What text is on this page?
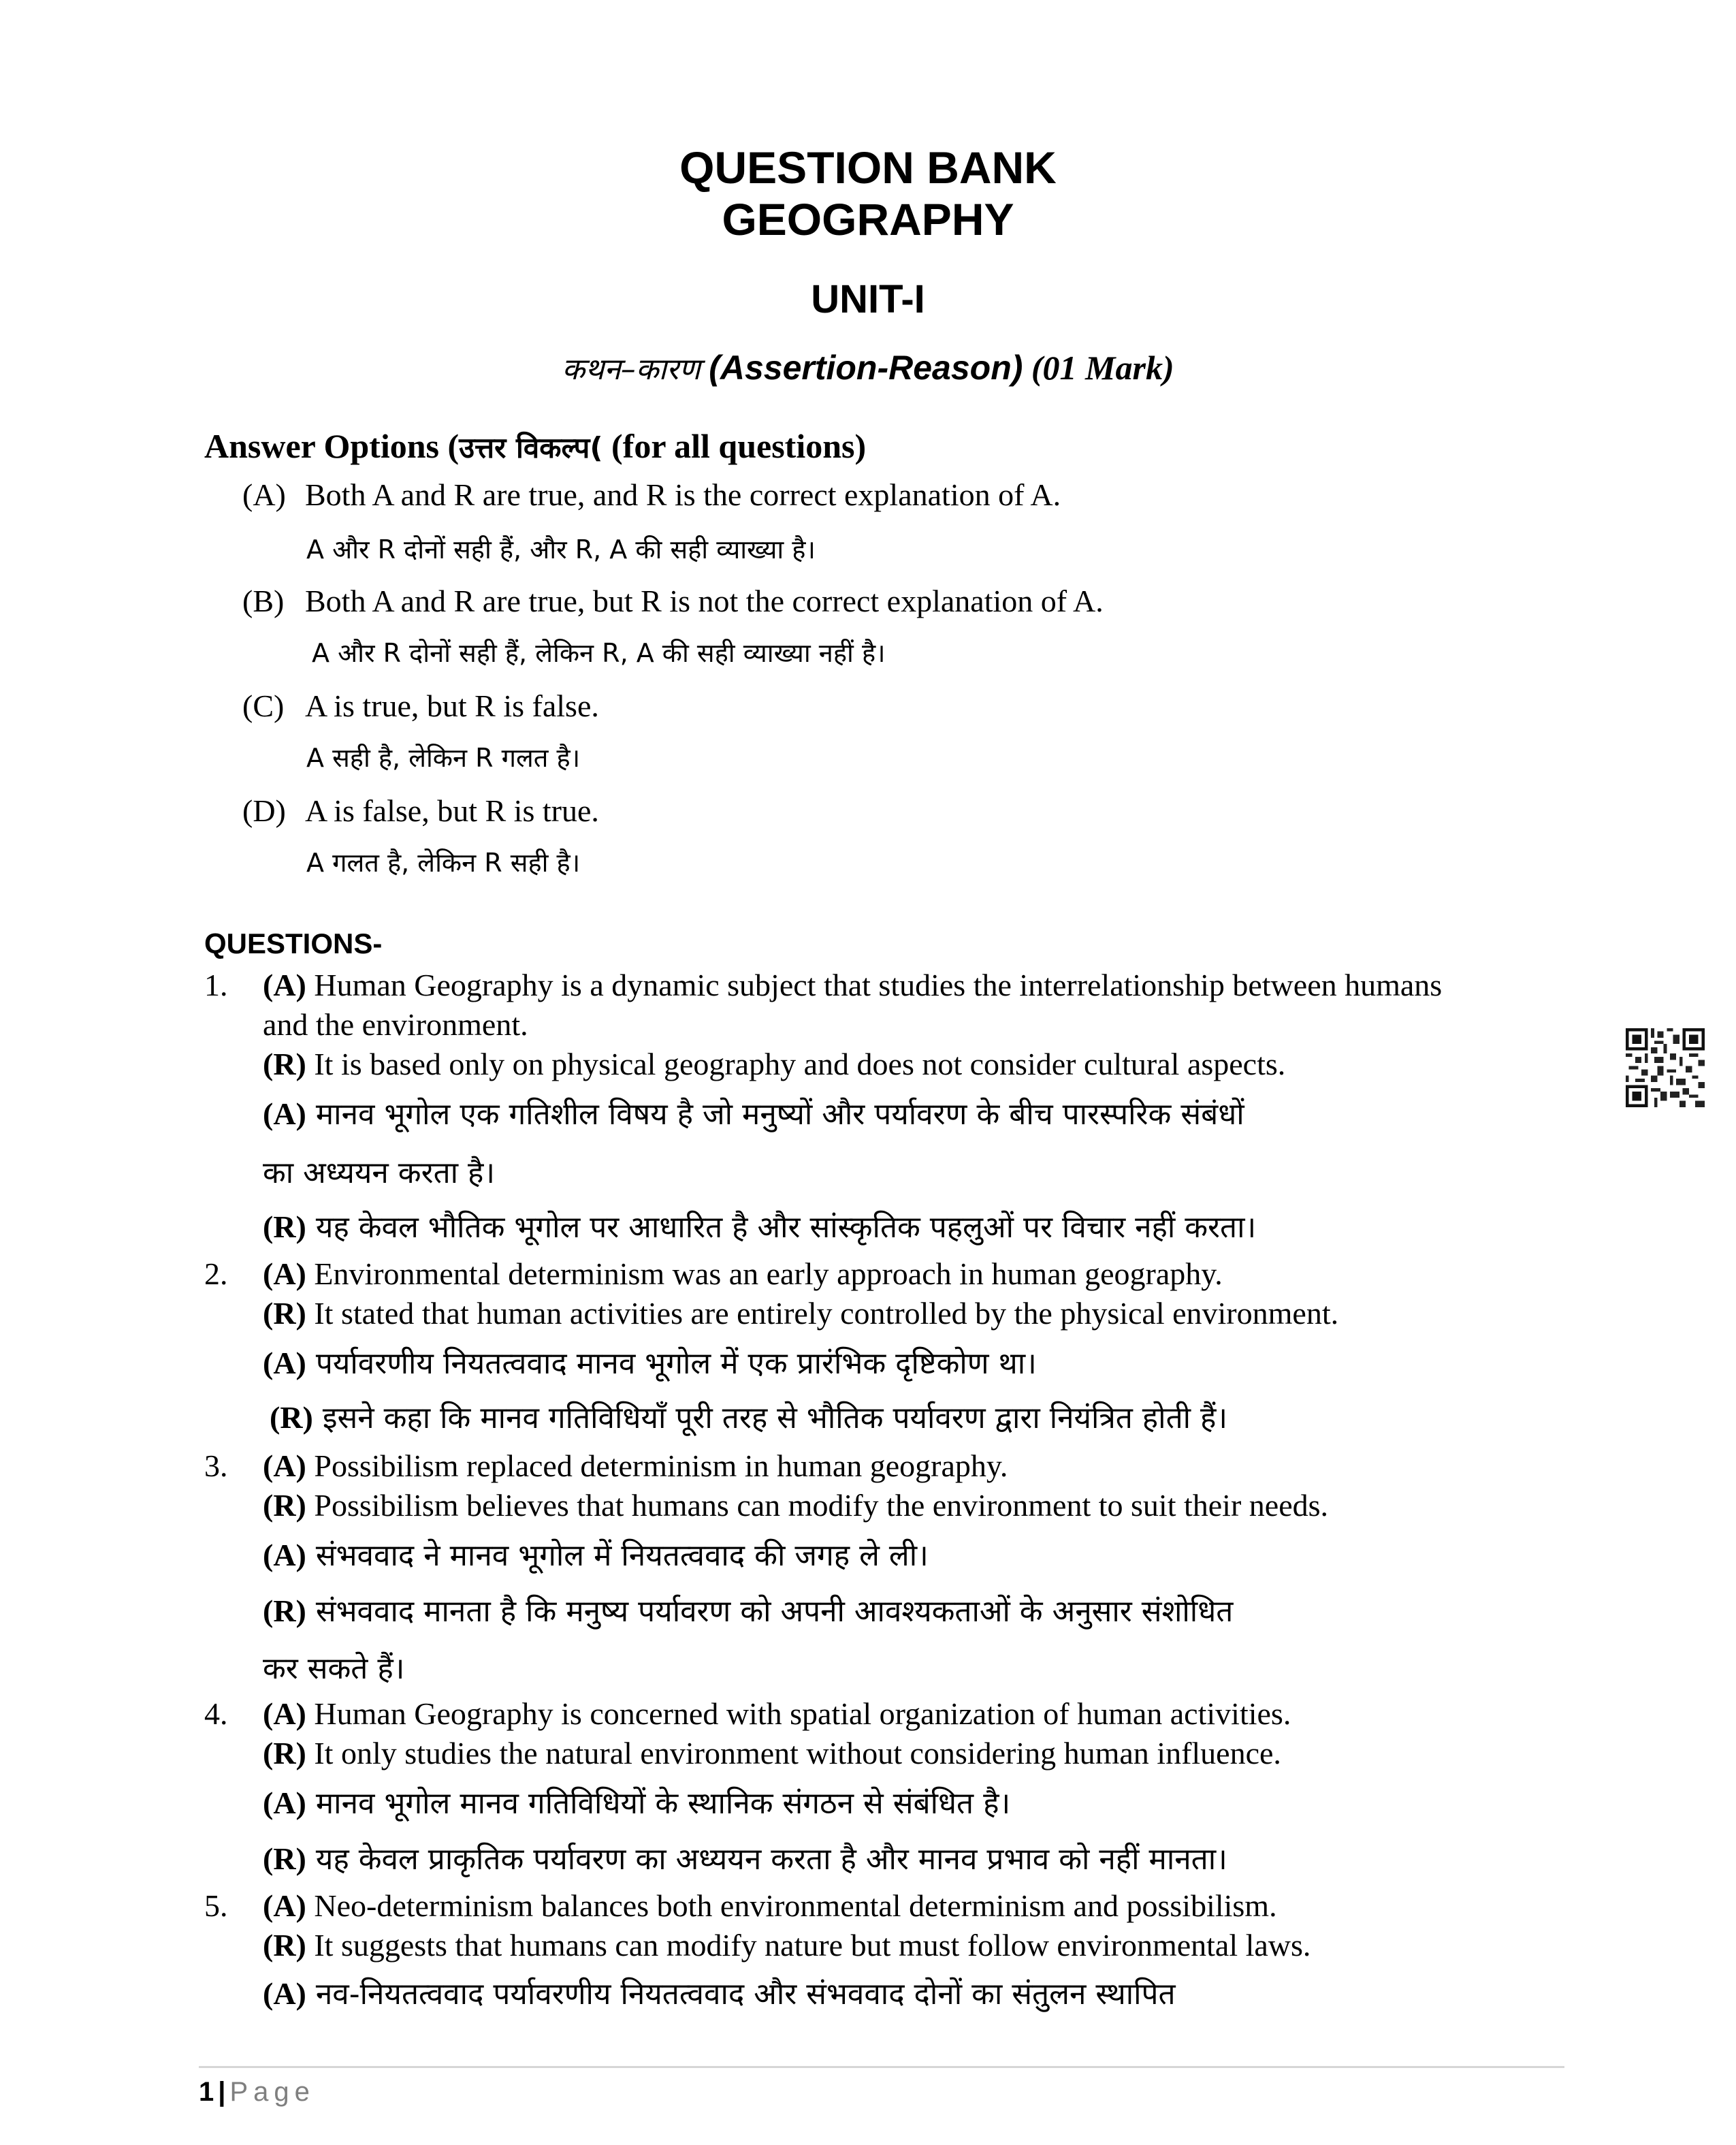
QUESTION BANK
GEOGRAPHY
UNIT-I
कथन–कारण (Assertion-Reason) (01 Mark)
Answer Options (उत्तर विकल्प( (for all questions)
(A) Both A and R are true, and R is the correct explanation of A.
A और R दोनों सही हैं, और R, A की सही व्याख्या है।
(B) Both A and R are true, but R is not the correct explanation of A.
A और R दोनों सही हैं, लेकिन R, A की सही व्याख्या नहीं है।
(C) A is true, but R is false.
A सही है, लेकिन R गलत है।
(D) A is false, but R is true.
A गलत है, लेकिन R सही है।
QUESTIONS-
1. (A) Human Geography is a dynamic subject that studies the interrelationship between humans
and the environment.
(R) It is based only on physical geography and does not consider cultural aspects.
(A) मानव भूगोल एक गतिशील विषय है जो मनुष्यों और पर्यावरण के बीच पारस्परिक संबंधों
का अध्ययन करता है।
(R) यह केवल भौतिक भूगोल पर आधारित है और सांस्कृतिक पहलुओं पर विचार नहीं करता।
2. (A) Environmental determinism was an early approach in human geography.
(R) It stated that human activities are entirely controlled by the physical environment.
(A) पर्यावरणीय नियतत्ववाद मानव भूगोल में एक प्रारंभिक दृष्टिकोण था।
(R) इसने कहा कि मानव गतिविधियाँ पूरी तरह से भौतिक पर्यावरण द्वारा नियंत्रित होती हैं।
3. (A) Possibilism replaced determinism in human geography.
(R) Possibilism believes that humans can modify the environment to suit their needs.
(A) संभववाद ने मानव भूगोल में नियतत्ववाद की जगह ले ली।
(R) संभववाद मानता है कि मनुष्य पर्यावरण को अपनी आवश्यकताओं के अनुसार संशोधित
कर सकते हैं।
4. (A) Human Geography is concerned with spatial organization of human activities.
(R) It only studies the natural environment without considering human influence.
(A) मानव भूगोल मानव गतिविधियों के स्थानिक संगठन से संबंधित है।
(R) यह केवल प्राकृतिक पर्यावरण का अध्ययन करता है और मानव प्रभाव को नहीं मानता।
5. (A) Neo-determinism balances both environmental determinism and possibilism.
(R) It suggests that humans can modify nature but must follow environmental laws.
(A) नव-नियतत्ववाद पर्यावरणीय नियतत्ववाद और संभववाद दोनों का संतुलन स्थापित
1 | Page
